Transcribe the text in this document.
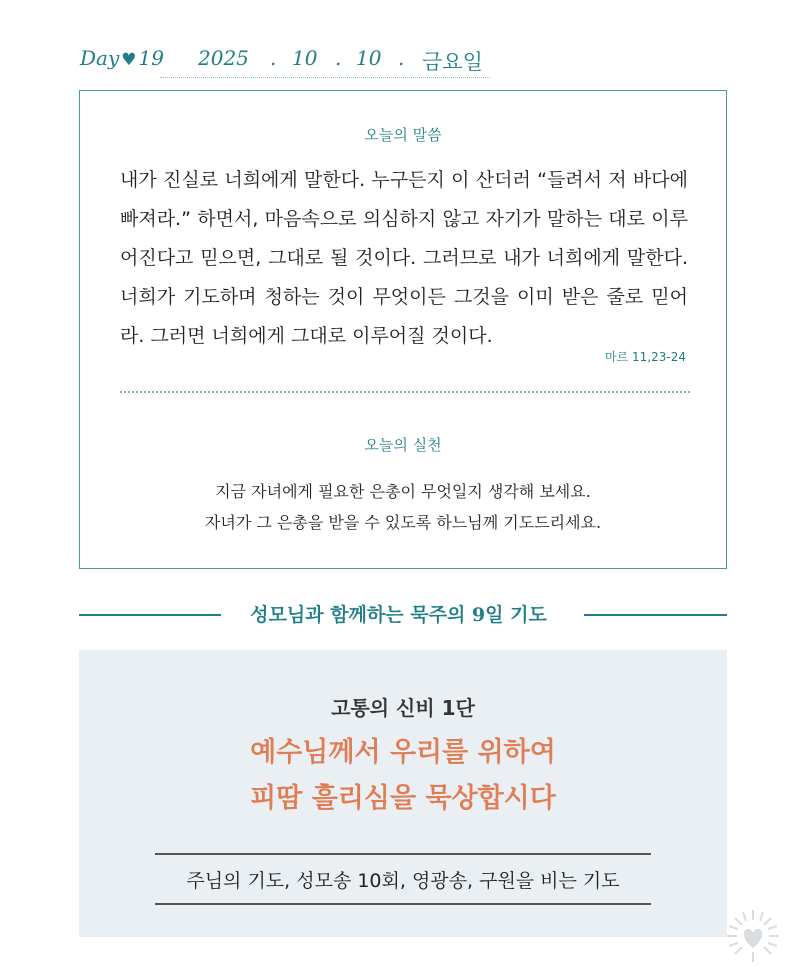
Day ♥ 19 2025 . 10 . 10 . 금요일
오늘의 말씀
내가 진실로 너희에게 말한다. 누구든지 이 산더러 “들려서 저 바다에 빠져라.” 하면서, 마음속으로 의심하지 않고 자기가 말하는 대로 이루어진다고 믿으면, 그대로 될 것이다. 그러므로 내가 너희에게 말한다. 너희가 기도하며 청하는 것이 무엇이든 그것을 이미 받은 줄로 믿어라. 그러면 너희에게 그대로 이루어질 것이다.
마르 11,23-24
오늘의 실천
지금 자녀에게 필요한 은총이 무엇일지 생각해 보세요.
자녀가 그 은총을 받을 수 있도록 하느님께 기도드리세요.
성모님과 함께하는 묵주의 9일 기도
고통의 신비 1단
예수님께서 우리를 위하여
피땀 흘리심을 묵상합시다
주님의 기도, 성모송 10회, 영광송, 구원을 비는 기도
